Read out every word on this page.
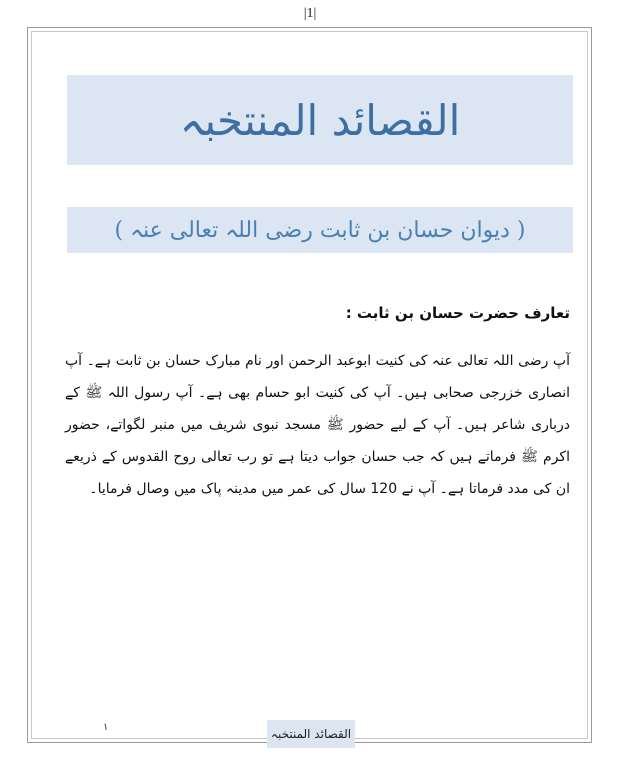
|1|
القصائد المنتخبہ
( دیوان حسان بن ثابت رضی اللہ تعالی عنہ )
تعارف حضرت حسان بن ثابت :
آپ رضی اللہ تعالی عنہ کی کنیت ابوعبد الرحمن اور نام مبارک حسان بن ثابت ہے۔ آپ انصاری خزرجی صحابی ہیں۔ آپ کی کنیت ابو حسام بھی ہے۔ آپ رسول اللہ ﷺ کے درباری شاعر ہیں۔ آپ کے لیے حضور ﷺ مسجد نبوی شریف میں منبر لگواتے، حضور اکرم ﷺ فرماتے ہیں کہ جب حسان جواب دیتا ہے تو رب تعالی روح القدوس کے ذریعے ان کی مدد فرماتا ہے۔ آپ نے 120 سال کی عمر میں مدینہ پاک میں وصال فرمایا۔
القصائد المنتخبہ
١
